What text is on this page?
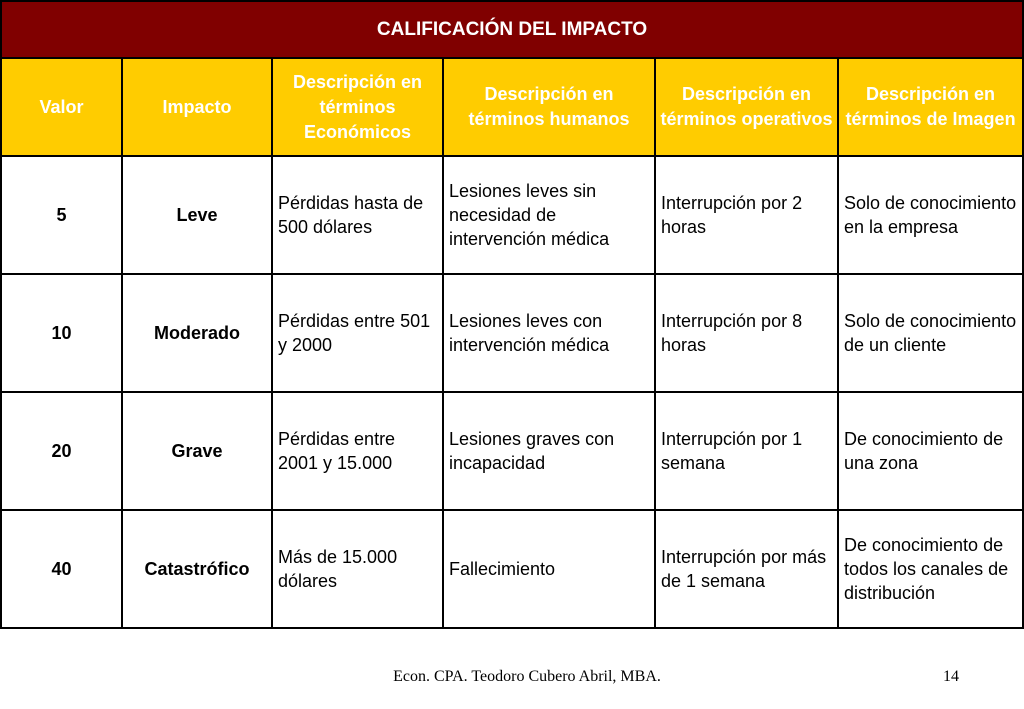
CALIFICACIÓN DEL IMPACTO					
Valor	Impacto	Descripción en términos Económicos	Descripción en términos humanos	Descripción en términos operativos	Descripción en términos de Imagen
5	Leve	Pérdidas hasta de 500 dólares	Lesiones leves sin necesidad de intervención médica	Interrupción por 2 horas	Solo de conocimiento en la empresa
10	Moderado	Pérdidas entre 501 y 2000	Lesiones leves con intervención médica	Interrupción por 8 horas	Solo de conocimiento de un cliente
20	Grave	Pérdidas entre 2001 y 15.000	Lesiones graves con incapacidad	Interrupción por 1 semana	De conocimiento de una zona
40	Catastrófico	Más de 15.000 dólares	Fallecimiento	Interrupción por más de 1 semana	De conocimiento de todos los canales de distribución
Econ. CPA. Teodoro Cubero Abril, MBA.	14
